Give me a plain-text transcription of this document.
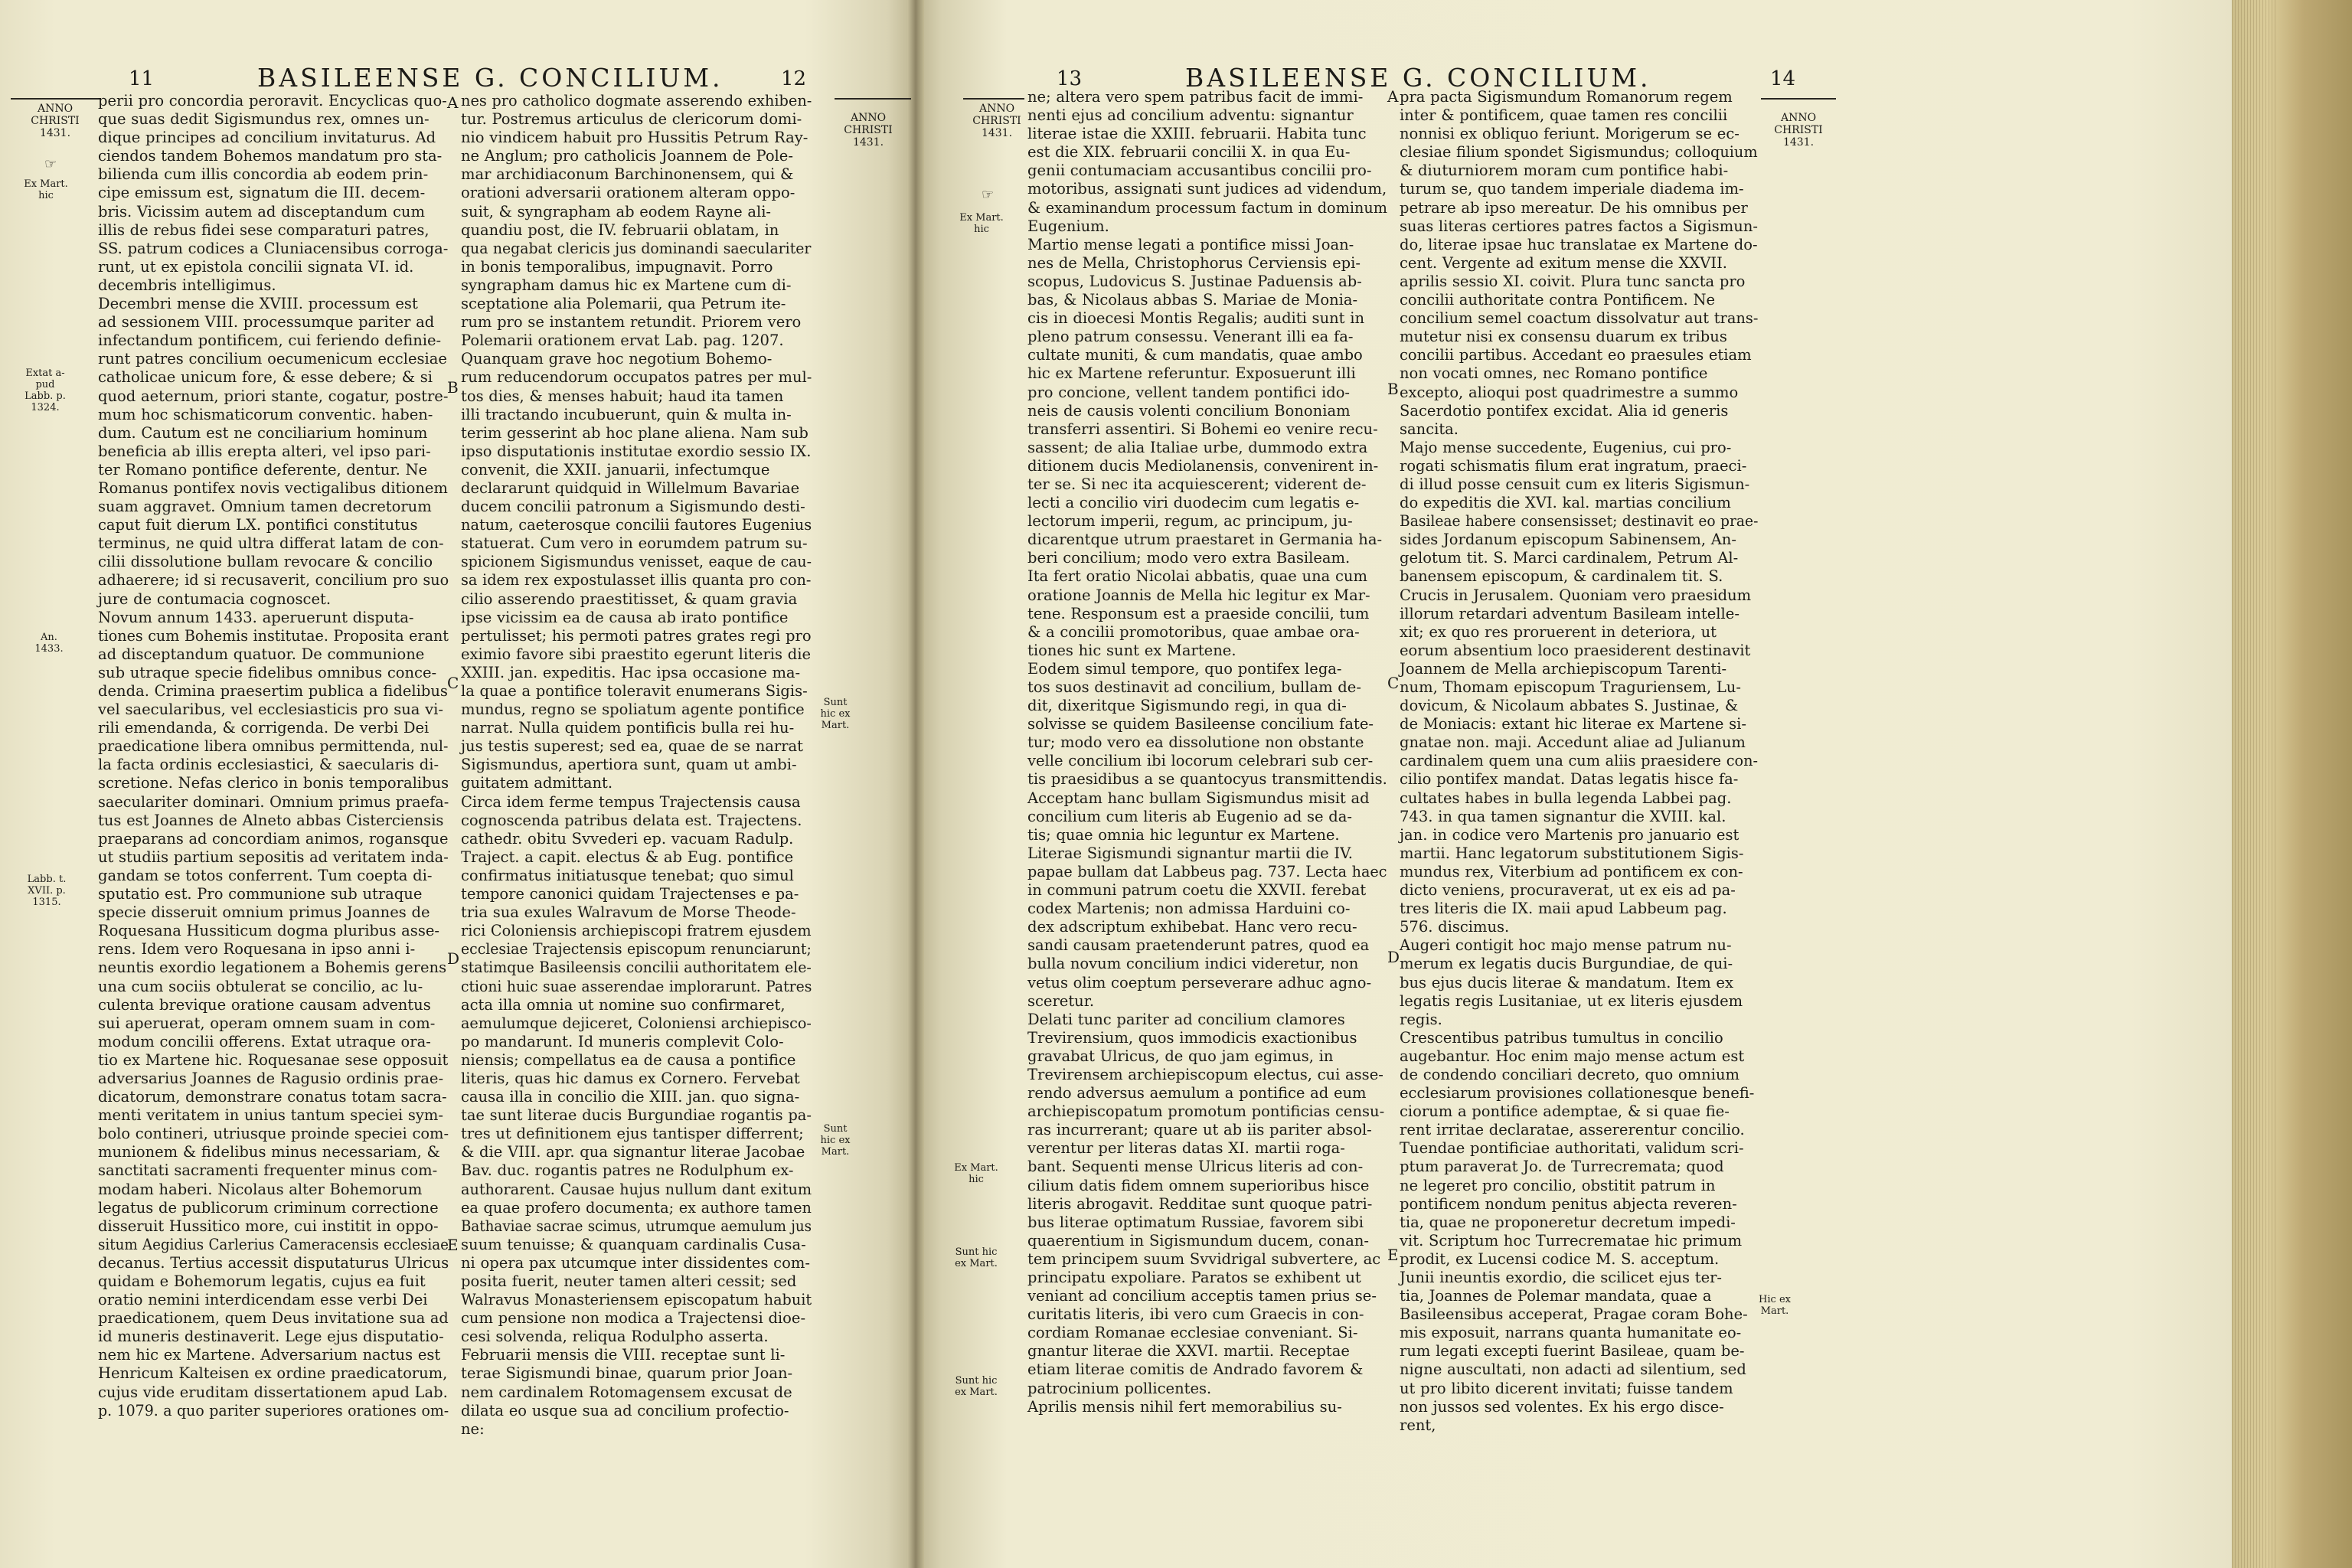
11	BASILEENSE G. CONCILIUM.	12
ANNO CHRISTI 1431.
ANNO CHRISTI 1431.
☞
Ex Mart. hic
Extat a- pud Labb. p. 1324.
An. 1433.
Labb. t. XVII. p. 1315.
Sunt hic ex Mart.
Sunt hic ex Mart.
A
B
C
D
E

perii pro concordia peroravit. Encyclicas quo-

que suas dedit Sigismundus rex, omnes un-

dique principes ad concilium invitaturus. Ad

ciendos tandem Bohemos mandatum pro sta-

bilienda cum illis concordia ab eodem prin-

cipe emissum est, signatum die III. decem-

bris. Vicissim autem ad disceptandum cum

illis de rebus fidei sese comparaturi patres,

SS. patrum codices a Cluniacensibus corroga-

runt, ut ex epistola concilii signata VI. id.

decembris intelligimus.

Decembri mense die XVIII. processum est

ad sessionem VIII. processumque pariter ad

infectandum pontificem, cui feriendo definie-

runt patres concilium oecumenicum ecclesiae

catholicae unicum fore, & esse debere; & si

quod aeternum, priori stante, cogatur, postre-

mum hoc schismaticorum conventic. haben-

dum. Cautum est ne conciliarium hominum

beneficia ab illis erepta alteri, vel ipso pari-

ter Romano pontifice deferente, dentur. Ne

Romanus pontifex novis vectigalibus ditionem

suam aggravet. Omnium tamen decretorum

caput fuit dierum LX. pontifici constitutus

terminus, ne quid ultra differat latam de con-

cilii dissolutione bullam revocare & concilio

adhaerere; id si recusaverit, concilium pro suo

jure de contumacia cognoscet.

Novum annum 1433. aperuerunt disputa-

tiones cum Bohemis institutae. Proposita erant

ad disceptandum quatuor. De communione

sub utraque specie fidelibus omnibus conce-

denda. Crimina praesertim publica a fidelibus

vel saecularibus, vel ecclesiasticis pro sua vi-

rili emendanda, & corrigenda. De verbi Dei

praedicatione libera omnibus permittenda, nul-

la facta ordinis ecclesiastici, & saecularis di-

scretione. Nefas clerico in bonis temporalibus

saeculariter dominari. Omnium primus praefa-

tus est Joannes de Alneto abbas Cisterciensis

praeparans ad concordiam animos, rogansque

ut studiis partium sepositis ad veritatem inda-

gandam se totos conferrent. Tum coepta di-

sputatio est. Pro communione sub utraque

specie disseruit omnium primus Joannes de

Roquesana Hussiticum dogma pluribus asse-

rens. Idem vero Roquesana in ipso anni i-

neuntis exordio legationem a Bohemis gerens

una cum sociis obtulerat se concilio, ac lu-

culenta brevique oratione causam adventus

sui aperuerat, operam omnem suam in com-

modum concilii offerens. Extat utraque ora-

tio ex Martene hic. Roquesanae sese opposuit

adversarius Joannes de Ragusio ordinis prae-

dicatorum, demonstrare conatus totam sacra-

menti veritatem in unius tantum speciei sym-

bolo contineri, utriusque proinde speciei com-

munionem & fidelibus minus necessariam, &

sanctitati sacramenti frequenter minus com-

modam haberi. Nicolaus alter Bohemorum

legatus de publicorum criminum correctione

disseruit Hussitico more, cui institit in oppo-

situm Aegidius Carlerius Cameracensis ecclesiae

decanus. Tertius accessit disputaturus Ulricus

quidam e Bohemorum legatis, cujus ea fuit

oratio nemini interdicendam esse verbi Dei

praedicationem, quem Deus invitatione sua ad

id muneris destinaverit. Lege ejus disputatio-

nem hic ex Martene. Adversarium nactus est

Henricum Kalteisen ex ordine praedicatorum,

cujus vide eruditam dissertationem apud Lab.

p. 1079. a quo pariter superiores orationes om-

nes pro catholico dogmate asserendo exhiben-

tur. Postremus articulus de clericorum domi-

nio vindicem habuit pro Hussitis Petrum Ray-

ne Anglum; pro catholicis Joannem de Pole-

mar archidiaconum Barchinonensem, qui &

orationi adversarii orationem alteram oppo-

suit, & syngrapham ab eodem Rayne ali-

quandiu post, die IV. februarii oblatam, in

qua negabat clericis jus dominandi saeculariter

in bonis temporalibus, impugnavit. Porro

syngrapham damus hic ex Martene cum di-

sceptatione alia Polemarii, qua Petrum ite-

rum pro se instantem retundit. Priorem vero

Polemarii orationem ervat Lab. pag. 1207.

Quanquam grave hoc negotium Bohemo-

rum reducendorum occupatos patres per mul-

tos dies, & menses habuit; haud ita tamen

illi tractando incubuerunt, quin & multa in-

terim gesserint ab hoc plane aliena. Nam sub

ipso disputationis institutae exordio sessio IX.

convenit, die XXII. januarii, infectumque

declararunt quidquid in Willelmum Bavariae

ducem concilii patronum a Sigismundo desti-

natum, caeterosque concilii fautores Eugenius

statuerat. Cum vero in eorumdem patrum su-

spicionem Sigismundus venisset, eaque de cau-

sa idem rex expostulasset illis quanta pro con-

cilio asserendo praestitisset, & quam gravia

ipse vicissim ea de causa ab irato pontifice

pertulisset; his permoti patres grates regi pro

eximio favore sibi praestito egerunt literis die

XXIII. jan. expeditis. Hac ipsa occasione ma-

la quae a pontifice toleravit enumerans Sigis-

mundus, regno se spoliatum agente pontifice

narrat. Nulla quidem pontificis bulla rei hu-

jus testis superest; sed ea, quae de se narrat

Sigismundus, apertiora sunt, quam ut ambi-

guitatem admittant.

Circa idem ferme tempus Trajectensis causa

cognoscenda patribus delata est. Trajectens.

cathedr. obitu Svvederi ep. vacuam Radulp.

Traject. a capit. electus & ab Eug. pontifice

confirmatus initiatusque tenebat; quo simul

tempore canonici quidam Trajectenses e pa-

tria sua exules Walravum de Morse Theode-

rici Coloniensis archiepiscopi fratrem ejusdem

ecclesiae Trajectensis episcopum renunciarunt;

statimque Basileensis concilii authoritatem ele-

ctioni huic suae asserendae implorarunt. Patres

acta illa omnia ut nomine suo confirmaret,

aemulumque dejiceret, Coloniensi archiepisco-

po mandarunt. Id muneris complevit Colo-

niensis; compellatus ea de causa a pontifice

literis, quas hic damus ex Cornero. Fervebat

causa illa in concilio die XIII. jan. quo signa-

tae sunt literae ducis Burgundiae rogantis pa-

tres ut definitionem ejus tantisper differrent;

& die VIII. apr. qua signantur literae Jacobae

Bav. duc. rogantis patres ne Rodulphum ex-

authorarent. Causae hujus nullum dant exitum

ea quae profero documenta; ex authore tamen

Bathaviae sacrae scimus, utrumque aemulum jus

suum tenuisse; & quanquam cardinalis Cusa-

ni opera pax utcumque inter dissidentes com-

posita fuerit, neuter tamen alteri cessit; sed

Walravus Monasteriensem episcopatum habuit

cum pensione non modica a Trajectensi dioe-

cesi solvenda, reliqua Rodulpho asserta.

Februarii mensis die VIII. receptae sunt li-

terae Sigismundi binae, quarum prior Joan-

nem cardinalem Rotomagensem excusat de

dilata eo usque sua ad concilium profectio-

ne:

13	BASILEENSE G. CONCILIUM.	14
ANNO CHRISTI 1431.
ANNO CHRISTI 1431.
☞
Ex Mart. hic
Ex Mart. hic
Sunt hic ex Mart.
Sunt hic ex Mart.
Hic ex Mart.
A
B
C
D
E

ne; altera vero spem patribus facit de immi-

nenti ejus ad concilium adventu: signantur

literae istae die XXIII. februarii. Habita tunc

est die XIX. februarii concilii X. in qua Eu-

genii contumaciam accusantibus concilii pro-

motoribus, assignati sunt judices ad videndum,

& examinandum processum factum in dominum

Eugenium.

Martio mense legati a pontifice missi Joan-

nes de Mella, Christophorus Cerviensis epi-

scopus, Ludovicus S. Justinae Paduensis ab-

bas, & Nicolaus abbas S. Mariae de Monia-

cis in dioecesi Montis Regalis; auditi sunt in

pleno patrum consessu. Venerant illi ea fa-

cultate muniti, & cum mandatis, quae ambo

hic ex Martene referuntur. Exposuerunt illi

pro concione, vellent tandem pontifici ido-

neis de causis volenti concilium Bononiam

transferri assentiri. Si Bohemi eo venire recu-

sassent; de alia Italiae urbe, dummodo extra

ditionem ducis Mediolanensis, convenirent in-

ter se. Si nec ita acquiescerent; viderent de-

lecti a concilio viri duodecim cum legatis e-

lectorum imperii, regum, ac principum, ju-

dicarentque utrum praestaret in Germania ha-

beri concilium; modo vero extra Basileam.

Ita fert oratio Nicolai abbatis, quae una cum

oratione Joannis de Mella hic legitur ex Mar-

tene. Responsum est a praeside concilii, tum

& a concilii promotoribus, quae ambae ora-

tiones hic sunt ex Martene.

Eodem simul tempore, quo pontifex lega-

tos suos destinavit ad concilium, bullam de-

dit, dixeritque Sigismundo regi, in qua di-

solvisse se quidem Basileense concilium fate-

tur; modo vero ea dissolutione non obstante

velle concilium ibi locorum celebrari sub cer-

tis praesidibus a se quantocyus transmittendis.

Acceptam hanc bullam Sigismundus misit ad

concilium cum literis ab Eugenio ad se da-

tis; quae omnia hic leguntur ex Martene.

Literae Sigismundi signantur martii die IV.

papae bullam dat Labbeus pag. 737. Lecta haec

in communi patrum coetu die XXVII. ferebat

codex Martenis; non admissa Harduini co-

dex adscriptum exhibebat. Hanc vero recu-

sandi causam praetenderunt patres, quod ea

bulla novum concilium indici videretur, non

vetus olim coeptum perseverare adhuc agno-

sceretur.

Delati tunc pariter ad concilium clamores

Trevirensium, quos immodicis exactionibus

gravabat Ulricus, de quo jam egimus, in

Trevirensem archiepiscopum electus, cui asse-

rendo adversus aemulum a pontifice ad eum

archiepiscopatum promotum pontificias censu-

ras incurrerant; quare ut ab iis pariter absol-

verentur per literas datas XI. martii roga-

bant. Sequenti mense Ulricus literis ad con-

cilium datis fidem omnem superioribus hisce

literis abrogavit. Redditae sunt quoque patri-

bus literae optimatum Russiae, favorem sibi

quaerentium in Sigismundum ducem, conan-

tem principem suum Svvidrigal subvertere, ac

principatu expoliare. Paratos se exhibent ut

veniant ad concilium acceptis tamen prius se-

curitatis literis, ibi vero cum Graecis in con-

cordiam Romanae ecclesiae conveniant. Si-

gnantur literae die XXVI. martii. Receptae

etiam literae comitis de Andrado favorem &

patrocinium pollicentes.

Aprilis mensis nihil fert memorabilius su-

pra pacta Sigismundum Romanorum regem

inter & pontificem, quae tamen res concilii

nonnisi ex obliquo feriunt. Morigerum se ec-

clesiae filium spondet Sigismundus; colloquium

& diuturniorem moram cum pontifice habi-

turum se, quo tandem imperiale diadema im-

petrare ab ipso mereatur. De his omnibus per

suas literas certiores patres factos a Sigismun-

do, literae ipsae huc translatae ex Martene do-

cent. Vergente ad exitum mense die XXVII.

aprilis sessio XI. coivit. Plura tunc sancta pro

concilii authoritate contra Pontificem. Ne

concilium semel coactum dissolvatur aut trans-

mutetur nisi ex consensu duarum ex tribus

concilii partibus. Accedant eo praesules etiam

non vocati omnes, nec Romano pontifice

excepto, alioqui post quadrimestre a summo

Sacerdotio pontifex excidat. Alia id generis

sancita.

Majo mense succedente, Eugenius, cui pro-

rogati schismatis filum erat ingratum, praeci-

di illud posse censuit cum ex literis Sigismun-

do expeditis die XVI. kal. martias concilium

Basileae habere consensisset; destinavit eo prae-

sides Jordanum episcopum Sabinensem, An-

gelotum tit. S. Marci cardinalem, Petrum Al-

banensem episcopum, & cardinalem tit. S.

Crucis in Jerusalem. Quoniam vero praesidum

illorum retardari adventum Basileam intelle-

xit; ex quo res proruerent in deteriora, ut

eorum absentium loco praesiderent destinavit

Joannem de Mella archiepiscopum Tarenti-

num, Thomam episcopum Traguriensem, Lu-

dovicum, & Nicolaum abbates S. Justinae, &

de Moniacis: extant hic literae ex Martene si-

gnatae non. maji. Accedunt aliae ad Julianum

cardinalem quem una cum aliis praesidere con-

cilio pontifex mandat. Datas legatis hisce fa-

cultates habes in bulla legenda Labbei pag.

743. in qua tamen signantur die XVIII. kal.

jan. in codice vero Martenis pro januario est

martii. Hanc legatorum substitutionem Sigis-

mundus rex, Viterbium ad pontificem ex con-

dicto veniens, procuraverat, ut ex eis ad pa-

tres literis die IX. maii apud Labbeum pag.

576. discimus.

Augeri contigit hoc majo mense patrum nu-

merum ex legatis ducis Burgundiae, de qui-

bus ejus ducis literae & mandatum. Item ex

legatis regis Lusitaniae, ut ex literis ejusdem

regis.

Crescentibus patribus tumultus in concilio

augebantur. Hoc enim majo mense actum est

de condendo conciliari decreto, quo omnium

ecclesiarum provisiones collationesque benefi-

ciorum a pontifice ademptae, & si quae fie-

rent irritae declaratae, assererentur concilio.

Tuendae pontificiae authoritati, validum scri-

ptum paraverat Jo. de Turrecremata; quod

ne legeret pro concilio, obstitit patrum in

pontificem nondum penitus abjecta reveren-

tia, quae ne proponeretur decretum impedi-

vit. Scriptum hoc Turrecrematae hic primum

prodit, ex Lucensi codice M. S. acceptum.

Junii ineuntis exordio, die scilicet ejus ter-

tia, Joannes de Polemar mandata, quae a

Basileensibus acceperat, Pragae coram Bohe-

mis exposuit, narrans quanta humanitate eo-

rum legati excepti fuerint Basileae, quam be-

nigne auscultati, non adacti ad silentium, sed

ut pro libito dicerent invitati; fuisse tandem

non jussos sed volentes. Ex his ergo disce-

rent,
